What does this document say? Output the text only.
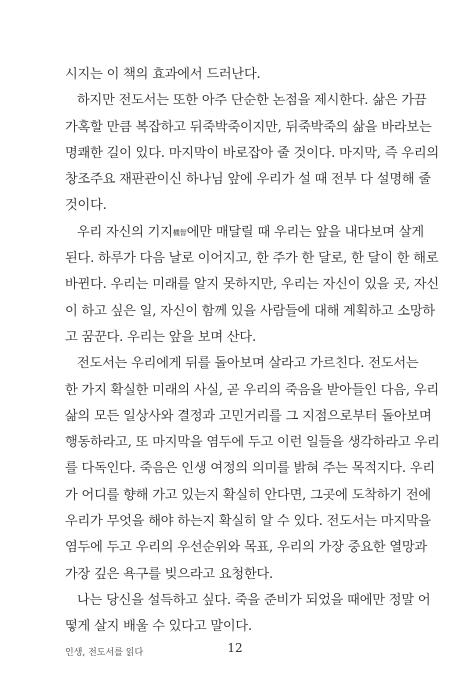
시지는 이 책의 효과에서 드러난다.
하지만 전도서는 또한 아주 단순한 논점을 제시한다. 삶은 가끔
가혹할 만큼 복잡하고 뒤죽박죽이지만, 뒤죽박죽의 삶을 바라보는
명쾌한 길이 있다. 마지막이 바로잡아 줄 것이다. 마지막, 즉 우리의
창조주요 재판관이신 하나님 앞에 우리가 설 때 전부 다 설명해 줄
것이다.
우리 자신의 기지機智에만 매달릴 때 우리는 앞을 내다보며 살게
된다. 하루가 다음 날로 이어지고, 한 주가 한 달로, 한 달이 한 해로
바뀐다. 우리는 미래를 알지 못하지만, 우리는 자신이 있을 곳, 자신
이 하고 싶은 일, 자신이 함께 있을 사람들에 대해 계획하고 소망하
고 꿈꾼다. 우리는 앞을 보며 산다.
전도서는 우리에게 뒤를 돌아보며 살라고 가르친다. 전도서는
한 가지 확실한 미래의 사실, 곧 우리의 죽음을 받아들인 다음, 우리
삶의 모든 일상사와 결정과 고민거리를 그 지점으로부터 돌아보며
행동하라고, 또 마지막을 염두에 두고 이런 일들을 생각하라고 우리
를 다독인다. 죽음은 인생 여정의 의미를 밝혀 주는 목적지다. 우리
가 어디를 향해 가고 있는지 확실히 안다면, 그곳에 도착하기 전에
우리가 무엇을 해야 하는지 확실히 알 수 있다. 전도서는 마지막을
염두에 두고 우리의 우선순위와 목표, 우리의 가장 중요한 열망과
가장 깊은 욕구를 빚으라고 요청한다.
나는 당신을 설득하고 싶다. 죽을 준비가 되었을 때에만 정말 어
떻게 살지 배울 수 있다고 말이다.
인생, 전도서를 읽다	12
